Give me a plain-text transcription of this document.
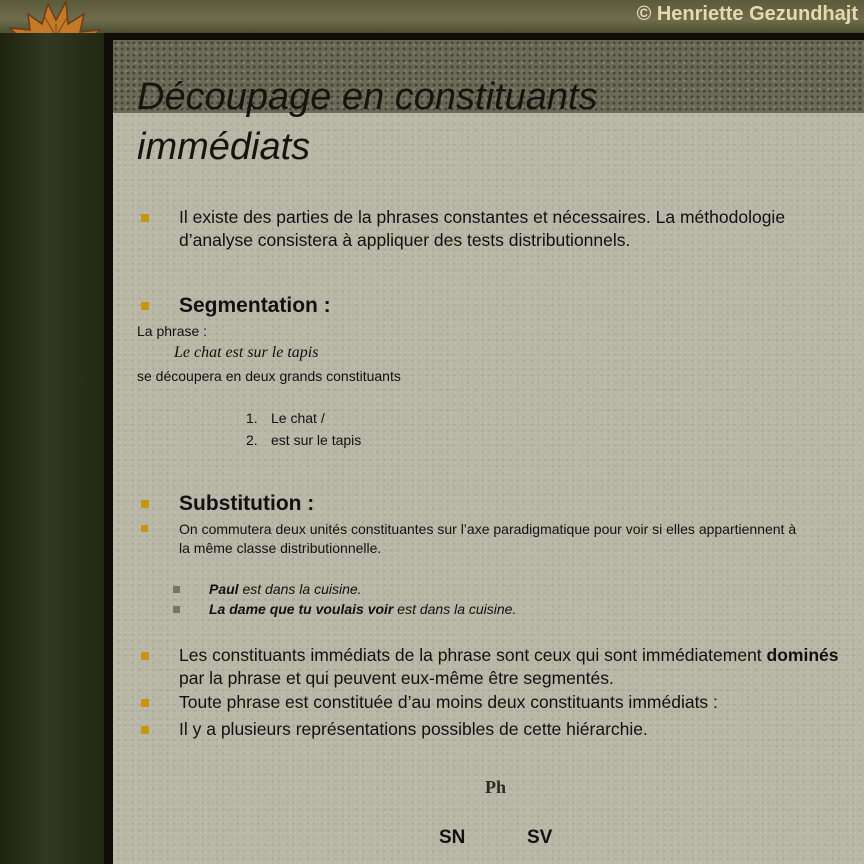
© Henriette Gezundhajt
Découpage en constituants
immédiats

Il existe des parties de la phrases constantes et nécessaires. La méthodologie d’analyse consistera à appliquer des tests distributionnels.

Segmentation :
La phrase :
Le chat est sur le tapis
se découpera en deux grands constituants
1. Le chat /
2. est sur le tapis
Substitution :

On commutera deux unités constituantes sur l’axe paradigmatique pour voir si elles appartiennent à la même classe distributionnelle.

Paul est dans la cuisine.
La dame que tu voulais voir est dans la cuisine.

Les constituants immédiats de la phrase sont ceux qui sont immédiatement dominés par la phrase et qui peuvent eux-même être segmentés.

Toute phrase est constituée d’au moins deux constituants immédiats :

Il y a plusieurs représentations possibles de cette hiérarchie.

Ph
SN	SV
